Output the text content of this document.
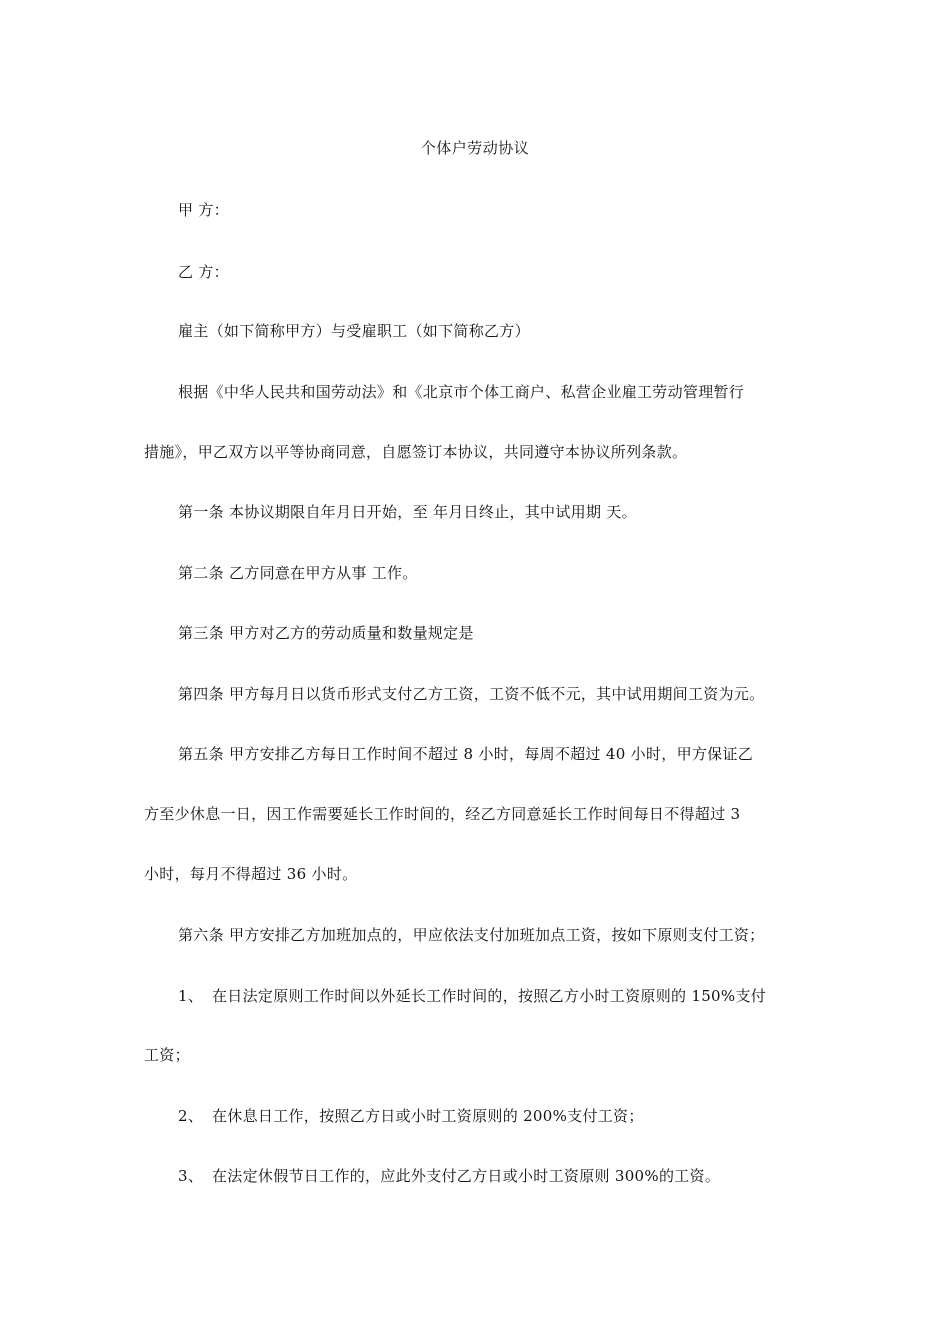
个体户劳动协议
甲 方：
乙 方：
雇主（如下简称甲方）与受雇职工（如下简称乙方）
根据《中华人民共和国劳动法》和《北京市个体工商户、私营企业雇工劳动管理暂行
措施》，甲乙双方以平等协商同意，自愿签订本协议，共同遵守本协议所列条款。
第一条 本协议期限自年月日开始，至 年月日终止，其中试用期 天。
第二条 乙方同意在甲方从事 工作。
第三条 甲方对乙方的劳动质量和数量规定是
第四条 甲方每月日以货币形式支付乙方工资，工资不低不元，其中试用期间工资为元。
第五条 甲方安排乙方每日工作时间不超过 8 小时，每周不超过 40 小时，甲方保证乙
方至少休息一日，因工作需要延长工作时间的，经乙方同意延长工作时间每日不得超过 3
小时，每月不得超过 36 小时。
第六条 甲方安排乙方加班加点的，甲应依法支付加班加点工资，按如下原则支付工资；
1、 在日法定原则工作时间以外延长工作时间的，按照乙方小时工资原则的 150%支付
工资；
2、 在休息日工作，按照乙方日或小时工资原则的 200%支付工资；
3、 在法定休假节日工作的，应此外支付乙方日或小时工资原则 300%的工资。
